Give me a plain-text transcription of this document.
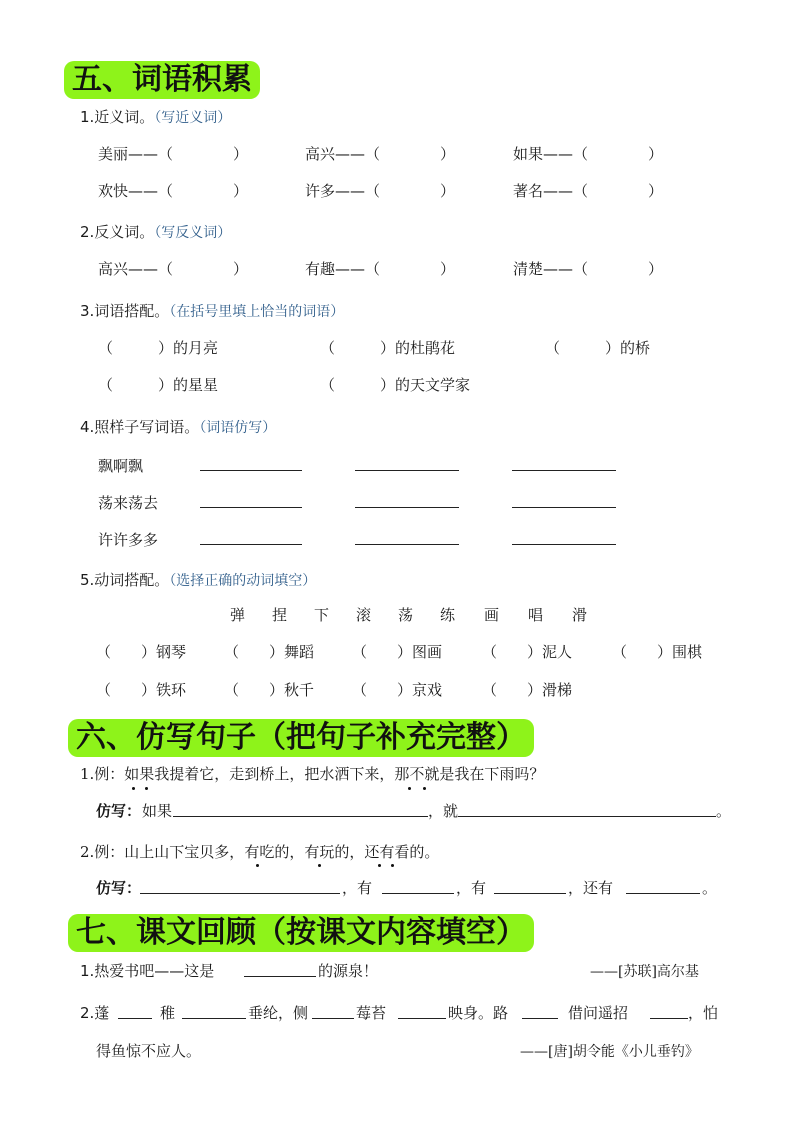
五、词语积累
1.近义词。（写近义词）
美丽——（　　　　）	高兴——（　　　　）	如果——（　　　　）
欢快——（　　　　）	许多——（　　　　）	著名——（　　　　）
2.反义词。（写反义词）
高兴——（　　　　）	有趣——（　　　　）	清楚——（　　　　）
3.词语搭配。（在括号里填上恰当的词语）
（　　　）的月亮	（　　　）的杜鹃花	（　　　）的桥
（　　　）的星星	（　　　）的天文学家
4.照样子写词语。（词语仿写）
飘啊飘
荡来荡去
许许多多
5.动词搭配。（选择正确的动词填空）
弹 捏 下 滚 荡 练 画 唱 滑
（　　）钢琴	（　　）舞蹈	（　　）图画	（　　）泥人	（　　）围棋
（　　）铁环	（　　）秋千	（　　）京戏	（　　）滑梯
六、仿写句子（把句子补充完整）
1.例：如果我提着它，走到桥上，把水洒下来，那不就是我在下雨吗？
仿写： 如果	，就	。
2.例：山上山下宝贝多，有吃的，有玩的，还有看的。
仿写：	，有	，有	，还有	。
七、课文回顾（按课文内容填空）
1.热爱书吧——这是	的源泉！	——[苏联]高尔基
2.蓬	稚	垂纶，侧	莓苔	映身。路	借问遥招	，怕
得鱼惊不应人。	——[唐]胡令能《小儿垂钓》
